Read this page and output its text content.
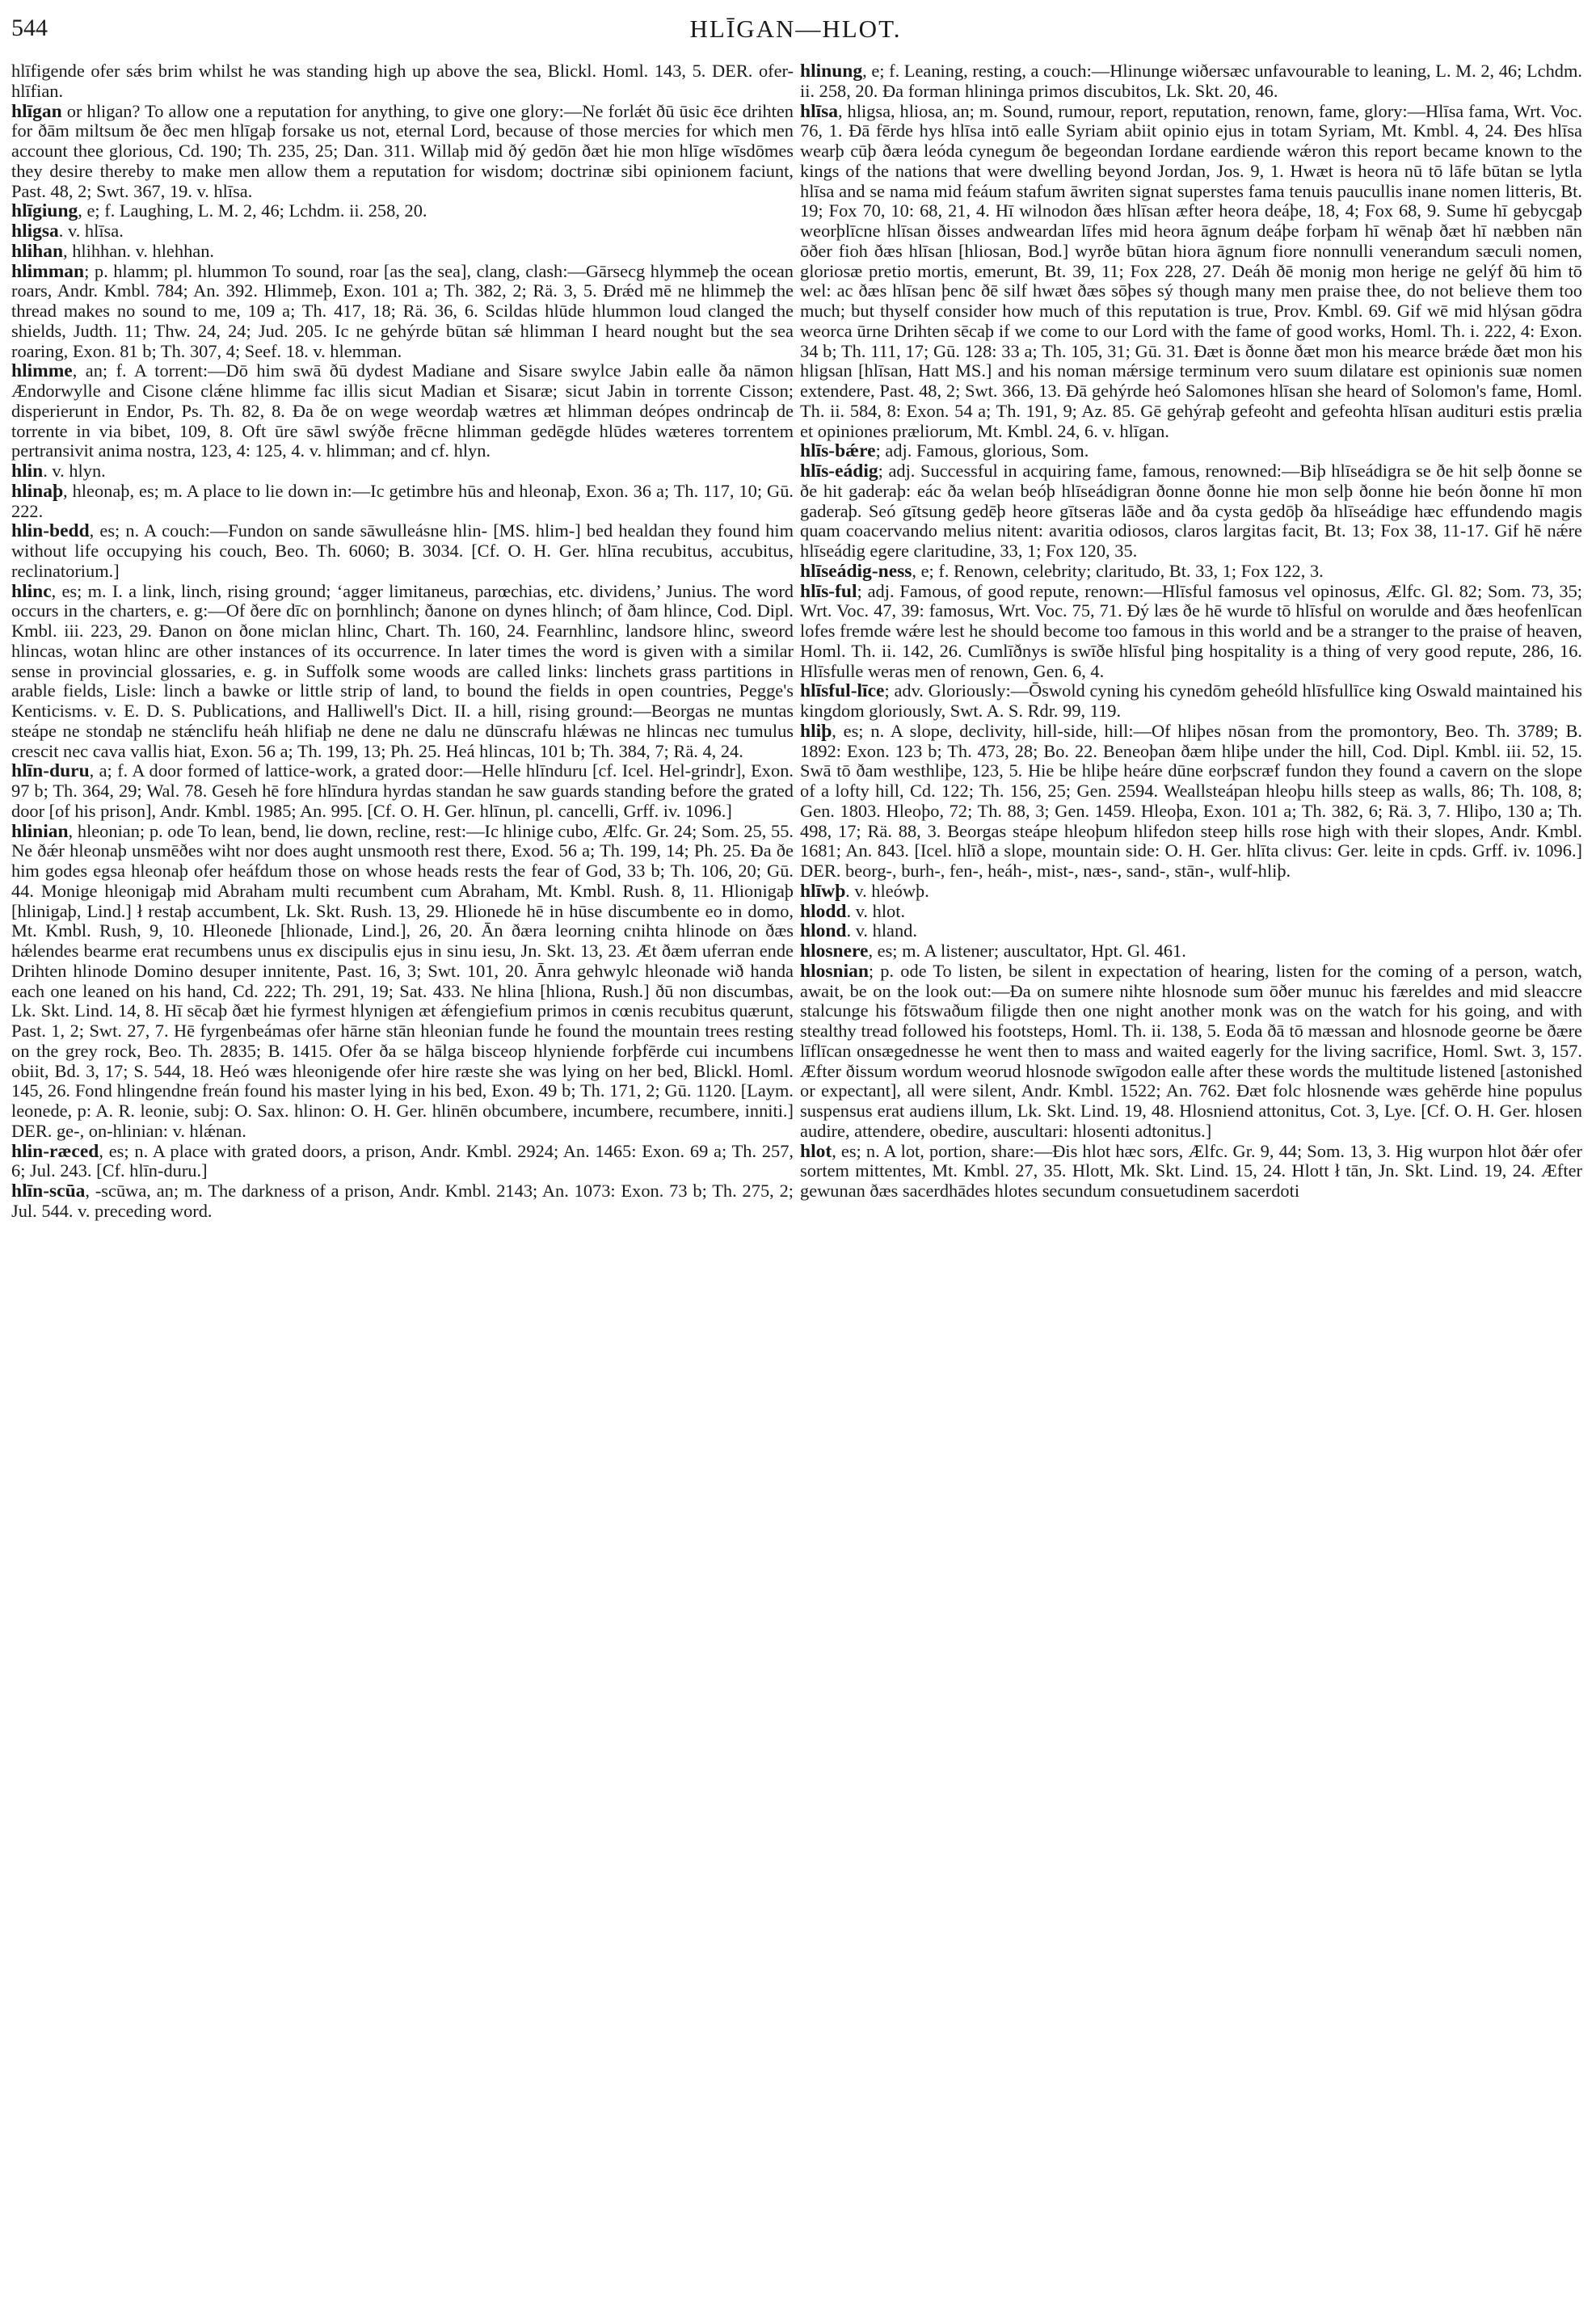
544	HLĪGAN—HLOT.

hlīfigende ofer sǽs brim whilst he was standing high up above the sea, Blickl. Homl. 143, 5. DER. ofer-hlīfian.

hlīgan or hligan? To allow one a reputation for anything, to give one glory:—Ne forlǽt ðū ūsic ēce drihten for ðām miltsum ðe ðec men hlīgaþ forsake us not, eternal Lord, because of those mercies for which men account thee glorious, Cd. 190; Th. 235, 25; Dan. 311. Willaþ mid ðý gedōn ðæt hie mon hlīge wīsdōmes they desire thereby to make men allow them a reputation for wisdom; doctrinæ sibi opinionem faciunt, Past. 48, 2; Swt. 367, 19. v. hlīsa.

hlīgiung, e; f. Laughing, L. M. 2, 46; Lchdm. ii. 258, 20.

hligsa. v. hlīsa.

hlihan, hlihhan. v. hlehhan.

hlimman; p. hlamm; pl. hlummon To sound, roar [as the sea], clang, clash:—Gārsecg hlymmeþ the ocean roars, Andr. Kmbl. 784; An. 392. Hlimmeþ, Exon. 101 a; Th. 382, 2; Rä. 3, 5. Ðrǽd mē ne hlimmeþ the thread makes no sound to me, 109 a; Th. 417, 18; Rä. 36, 6. Scildas hlūde hlummon loud clanged the shields, Judth. 11; Thw. 24, 24; Jud. 205. Ic ne gehýrde būtan sǽ hlimman I heard nought but the sea roaring, Exon. 81 b; Th. 307, 4; Seef. 18. v. hlemman.

hlimme, an; f. A torrent:—Dō him swā ðū dydest Madiane and Sisare swylce Jabin ealle ða nāmon Ændorwylle and Cisone clǽne hlimme fac illis sicut Madian et Sisaræ; sicut Jabin in torrente Cisson; disperierunt in Endor, Ps. Th. 82, 8. Ða ðe on wege weordaþ wætres æt hlimman deópes ondrincaþ de torrente in via bibet, 109, 8. Oft ūre sāwl swýðe frēcne hlimman gedēgde hlūdes wæteres torrentem pertransivit anima nostra, 123, 4: 125, 4. v. hlimman; and cf. hlyn.

hlin. v. hlyn.

hlinaþ, hleonaþ, es; m. A place to lie down in:—Ic getimbre hūs and hleonaþ, Exon. 36 a; Th. 117, 10; Gū. 222.

hlin-bedd, es; n. A couch:—Fundon on sande sāwulleásne hlin- [MS. hlim-] bed healdan they found him without life occupying his couch, Beo. Th. 6060; B. 3034. [Cf. O. H. Ger. hlīna recubitus, accubitus, reclinatorium.]

hlinc, es; m. I. a link, linch, rising ground; ‘agger limitaneus, parœchias, etc. dividens,’ Junius. The word occurs in the charters, e. g:—Of ðere dīc on þornhlinch; ðanone on dynes hlinch; of ðam hlince, Cod. Dipl. Kmbl. iii. 223, 29. Ðanon on ðone miclan hlinc, Chart. Th. 160, 24. Fearnhlinc, landsore hlinc, sweord hlincas, wotan hlinc are other instances of its occurrence. In later times the word is given with a similar sense in provincial glossaries, e. g. in Suffolk some woods are called links: linchets grass partitions in arable fields, Lisle: linch a bawke or little strip of land, to bound the fields in open countries, Pegge's Kenticisms. v. E. D. S. Publications, and Halliwell's Dict. II. a hill, rising ground:—Beorgas ne muntas steápe ne stondaþ ne stǽnclifu heáh hlifiaþ ne dene ne dalu ne dūnscrafu hlǽwas ne hlincas nec tumulus crescit nec cava vallis hiat, Exon. 56 a; Th. 199, 13; Ph. 25. Heá hlincas, 101 b; Th. 384, 7; Rä. 4, 24.

hlīn-duru, a; f. A door formed of lattice-work, a grated door:—Helle hlīnduru [cf. Icel. Hel-grindr], Exon. 97 b; Th. 364, 29; Wal. 78. Geseh hē fore hlīndura hyrdas standan he saw guards standing before the grated door [of his prison], Andr. Kmbl. 1985; An. 995. [Cf. O. H. Ger. hlīnun, pl. cancelli, Grff. iv. 1096.]

hlinian, hleonian; p. ode To lean, bend, lie down, recline, rest:—Ic hlinige cubo, Ælfc. Gr. 24; Som. 25, 55. Ne ðǽr hleonaþ unsmēðes wiht nor does aught unsmooth rest there, Exod. 56 a; Th. 199, 14; Ph. 25. Ða ðe him godes egsa hleonaþ ofer heáfdum those on whose heads rests the fear of God, 33 b; Th. 106, 20; Gū. 44. Monige hleonigaþ mid Abraham multi recumbent cum Abraham, Mt. Kmbl. Rush. 8, 11. Hlionigaþ [hlinigaþ, Lind.] ł restaþ accumbent, Lk. Skt. Rush. 13, 29. Hlionede hē in hūse discumbente eo in domo, Mt. Kmbl. Rush, 9, 10. Hleonede [hlionade, Lind.], 26, 20. Ān ðæra leorning cnihta hlinode on ðæs hǽlendes bearme erat recumbens unus ex discipulis ejus in sinu iesu, Jn. Skt. 13, 23. Æt ðæm uferran ende Drihten hlinode Domino desuper innitente, Past. 16, 3; Swt. 101, 20. Ānra gehwylc hleonade wið handa each one leaned on his hand, Cd. 222; Th. 291, 19; Sat. 433. Ne hlina [hliona, Rush.] ðū non discumbas, Lk. Skt. Lind. 14, 8. Hī sēcaþ ðæt hie fyrmest hlynigen æt ǽfengiefium primos in cœnis recubitus quærunt, Past. 1, 2; Swt. 27, 7. Hē fyrgenbeámas ofer hārne stān hleonian funde he found the mountain trees resting on the grey rock, Beo. Th. 2835; B. 1415. Ofer ða se hālga bisceop hlyniende forþfērde cui incumbens obiit, Bd. 3, 17; S. 544, 18. Heó wæs hleonigende ofer hire ræste she was lying on her bed, Blickl. Homl. 145, 26. Fond hlingendne freán found his master lying in his bed, Exon. 49 b; Th. 171, 2; Gū. 1120. [Laym. leonede, p: A. R. leonie, subj: O. Sax. hlinon: O. H. Ger. hlinēn obcumbere, incumbere, recumbere, inniti.] DER. ge-, on-hlinian: v. hlǽnan.

hlin-ræced, es; n. A place with grated doors, a prison, Andr. Kmbl. 2924; An. 1465: Exon. 69 a; Th. 257, 6; Jul. 243. [Cf. hlīn-duru.]

hlīn-scūa, -scūwa, an; m. The darkness of a prison, Andr. Kmbl. 2143; An. 1073: Exon. 73 b; Th. 275, 2; Jul. 544. v. preceding word.

hlinung, e; f. Leaning, resting, a couch:—Hlinunge wiðersæc unfavourable to leaning, L. M. 2, 46; Lchdm. ii. 258, 20. Ða forman hlininga primos discubitos, Lk. Skt. 20, 46.

hlīsa, hligsa, hliosa, an; m. Sound, rumour, report, reputation, renown, fame, glory:—Hlīsa fama, Wrt. Voc. 76, 1. Ðā fērde hys hlīsa intō ealle Syriam abiit opinio ejus in totam Syriam, Mt. Kmbl. 4, 24. Ðes hlīsa wearþ cūþ ðæra leóda cynegum ðe begeondan Iordane eardiende wǽron this report became known to the kings of the nations that were dwelling beyond Jordan, Jos. 9, 1. Hwæt is heora nū tō lāfe būtan se lytla hlīsa and se nama mid feáum stafum āwriten signat superstes fama tenuis paucullis inane nomen litteris, Bt. 19; Fox 70, 10: 68, 21, 4. Hī wilnodon ðæs hlīsan æfter heora deáþe, 18, 4; Fox 68, 9. Sume hī gebycgaþ weorþlīcne hlīsan ðisses andweardan līfes mid heora āgnum deáþe forþam hī wēnaþ ðæt hī næbben nān ōðer fioh ðæs hlīsan [hliosan, Bod.] wyrðe būtan hiora āgnum fiore nonnulli venerandum sæculi nomen, gloriosæ pretio mortis, emerunt, Bt. 39, 11; Fox 228, 27. Deáh ðē monig mon herige ne gelýf ðū him tō wel: ac ðæs hlīsan þenc ðē silf hwæt ðæs sōþes sý though many men praise thee, do not believe them too much; but thyself consider how much of this reputation is true, Prov. Kmbl. 69. Gif wē mid hlýsan gōdra weorca ūrne Drihten sēcaþ if we come to our Lord with the fame of good works, Homl. Th. i. 222, 4: Exon. 34 b; Th. 111, 17; Gū. 128: 33 a; Th. 105, 31; Gū. 31. Ðæt is ðonne ðæt mon his mearce brǽde ðæt mon his hligsan [hlīsan, Hatt MS.] and his noman mǽrsige terminum vero suum dilatare est opinionis suæ nomen extendere, Past. 48, 2; Swt. 366, 13. Ðā gehýrde heó Salomones hlīsan she heard of Solomon's fame, Homl. Th. ii. 584, 8: Exon. 54 a; Th. 191, 9; Az. 85. Gē gehýraþ gefeoht and gefeohta hlīsan audituri estis prælia et opiniones præliorum, Mt. Kmbl. 24, 6. v. hlīgan.

hlīs-bǽre; adj. Famous, glorious, Som.

hlīs-eádig; adj. Successful in acquiring fame, famous, renowned:—Biþ hlīseádigra se ðe hit selþ ðonne se ðe hit gaderaþ: eác ða welan beóþ hlīseádigran ðonne ðonne hie mon selþ ðonne hie beón ðonne hī mon gaderaþ. Seó gītsung gedēþ heore gītseras lāðe and ða cysta gedōþ ða hlīseádige hæc effundendo magis quam coacervando melius nitent: avaritia odiosos, claros largitas facit, Bt. 13; Fox 38, 11-17. Gif hē nǽre hlīseádig egere claritudine, 33, 1; Fox 120, 35.

hlīseádig-ness, e; f. Renown, celebrity; claritudo, Bt. 33, 1; Fox 122, 3.

hlīs-ful; adj. Famous, of good repute, renown:—Hlīsful famosus vel opinosus, Ælfc. Gl. 82; Som. 73, 35; Wrt. Voc. 47, 39: famosus, Wrt. Voc. 75, 71. Ðý læs ðe hē wurde tō hlīsful on worulde and ðæs heofenlīcan lofes fremde wǽre lest he should become too famous in this world and be a stranger to the praise of heaven, Homl. Th. ii. 142, 26. Cumlīðnys is swīðe hlīsful þing hospitality is a thing of very good repute, 286, 16. Hlīsfulle weras men of renown, Gen. 6, 4.

hlīsful-līce; adv. Gloriously:—Ōswold cyning his cynedōm geheóld hlīsfullīce king Oswald maintained his kingdom gloriously, Swt. A. S. Rdr. 99, 119.

hliþ, es; n. A slope, declivity, hill-side, hill:—Of hliþes nōsan from the promontory, Beo. Th. 3789; B. 1892: Exon. 123 b; Th. 473, 28; Bo. 22. Beneoþan ðæm hliþe under the hill, Cod. Dipl. Kmbl. iii. 52, 15. Swā tō ðam westhliþe, 123, 5. Hie be hliþe heáre dūne eorþscræf fundon they found a cavern on the slope of a lofty hill, Cd. 122; Th. 156, 25; Gen. 2594. Weallsteápan hleoþu hills steep as walls, 86; Th. 108, 8; Gen. 1803. Hleoþo, 72; Th. 88, 3; Gen. 1459. Hleoþa, Exon. 101 a; Th. 382, 6; Rä. 3, 7. Hliþo, 130 a; Th. 498, 17; Rä. 88, 3. Beorgas steápe hleoþum hlifedon steep hills rose high with their slopes, Andr. Kmbl. 1681; An. 843. [Icel. hlīð a slope, mountain side: O. H. Ger. hlīta clivus: Ger. leite in cpds. Grff. iv. 1096.] DER. beorg-, burh-, fen-, heáh-, mist-, næs-, sand-, stān-, wulf-hliþ.

hlīwþ. v. hleówþ.

hlodd. v. hlot.

hlond. v. hland.

hlosnere, es; m. A listener; auscultator, Hpt. Gl. 461.

hlosnian; p. ode To listen, be silent in expectation of hearing, listen for the coming of a person, watch, await, be on the look out:—Ða on sumere nihte hlosnode sum ōðer munuc his færeldes and mid sleaccre stalcunge his fōtswaðum filigde then one night another monk was on the watch for his going, and with stealthy tread followed his footsteps, Homl. Th. ii. 138, 5. Eoda ðā tō mæssan and hlosnode georne be ðære līflīcan onsægednesse he went then to mass and waited eagerly for the living sacrifice, Homl. Swt. 3, 157. Æfter ðissum wordum weorud hlosnode swīgodon ealle after these words the multitude listened [astonished or expectant], all were silent, Andr. Kmbl. 1522; An. 762. Ðæt folc hlosnende wæs gehērde hine populus suspensus erat audiens illum, Lk. Skt. Lind. 19, 48. Hlosniend attonitus, Cot. 3, Lye. [Cf. O. H. Ger. hlosen audire, attendere, obedire, auscultari: hlosenti adtonitus.]

hlot, es; n. A lot, portion, share:—Ðis hlot hæc sors, Ælfc. Gr. 9, 44; Som. 13, 3. Hig wurpon hlot ðǽr ofer sortem mittentes, Mt. Kmbl. 27, 35. Hlott, Mk. Skt. Lind. 15, 24. Hlott ł tān, Jn. Skt. Lind. 19, 24. Æfter gewunan ðæs sacerdhādes hlotes secundum consuetudinem sacerdoti
